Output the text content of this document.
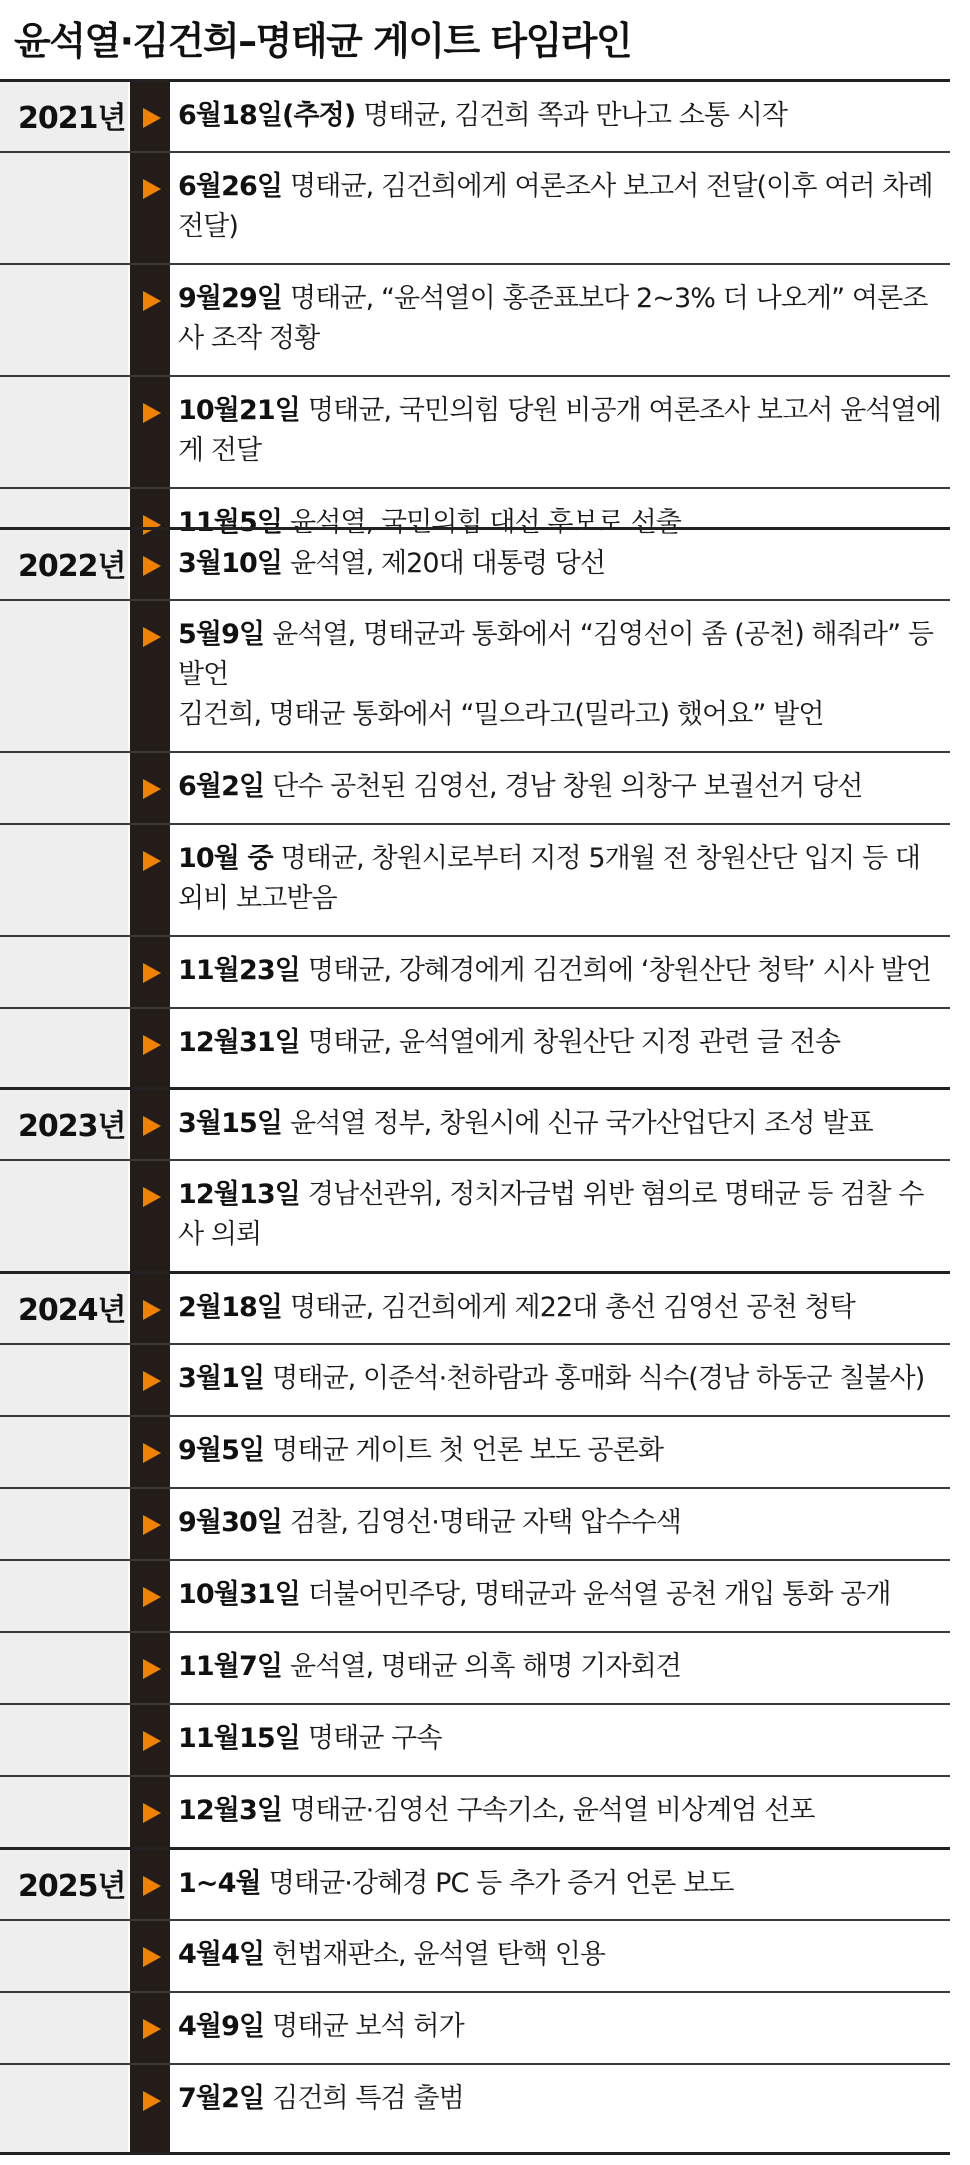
윤석열·김건희–명태균 게이트 타임라인
2021년
2022년
2023년
2024년
2025년
6월18일(추정) 명태균, 김건희 쪽과 만나고 소통 시작
6월26일 명태균, 김건희에게 여론조사 보고서 전달(이후 여러 차례 전달)
9월29일 명태균, “윤석열이 홍준표보다 2~3% 더 나오게” 여론조사 조작 정황
10월21일 명태균, 국민의힘 당원 비공개 여론조사 보고서 윤석열에게 전달
11월5일 윤석열, 국민의힘 대선 후보로 선출
3월10일 윤석열, 제20대 대통령 당선
5월9일 윤석열, 명태균과 통화에서 “김영선이 좀 (공천) 해줘라” 등 발언
김건희, 명태균 통화에서 “밀으라고(밀라고) 했어요” 발언
6월2일 단수 공천된 김영선, 경남 창원 의창구 보궐선거 당선
10월 중 명태균, 창원시로부터 지정 5개월 전 창원산단 입지 등 대외비 보고받음
11월23일 명태균, 강혜경에게 김건희에 ‘창원산단 청탁’ 시사 발언
12월31일 명태균, 윤석열에게 창원산단 지정 관련 글 전송
3월15일 윤석열 정부, 창원시에 신규 국가산업단지 조성 발표
12월13일 경남선관위, 정치자금법 위반 혐의로 명태균 등 검찰 수사 의뢰
2월18일 명태균, 김건희에게 제22대 총선 김영선 공천 청탁
3월1일 명태균, 이준석·천하람과 홍매화 식수(경남 하동군 칠불사)
9월5일 명태균 게이트 첫 언론 보도 공론화
9월30일 검찰, 김영선·명태균 자택 압수수색
10월31일 더불어민주당, 명태균과 윤석열 공천 개입 통화 공개
11월7일 윤석열, 명태균 의혹 해명 기자회견
11월15일 명태균 구속
12월3일 명태균·김영선 구속기소, 윤석열 비상계엄 선포
1~4월 명태균·강혜경 PC 등 추가 증거 언론 보도
4월4일 헌법재판소, 윤석열 탄핵 인용
4월9일 명태균 보석 허가
7월2일 김건희 특검 출범
